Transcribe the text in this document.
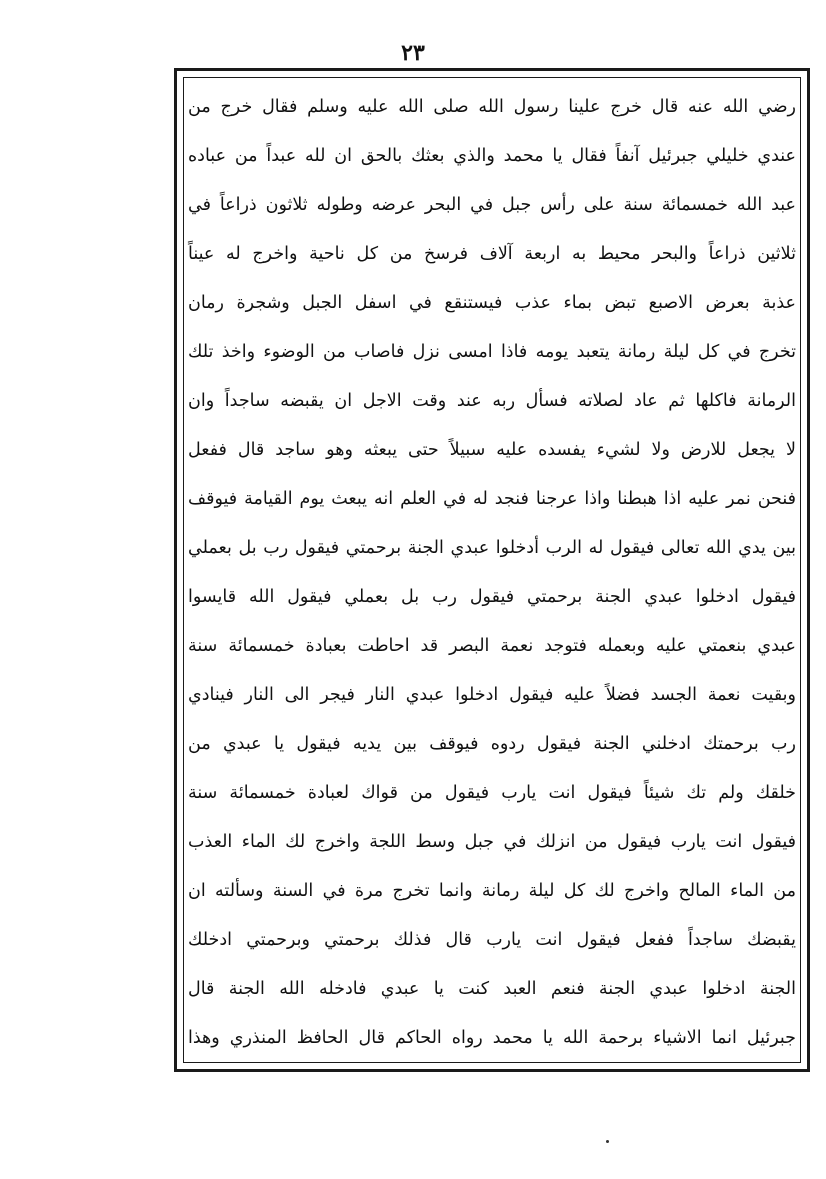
٢٣
رضي الله عنه قال خرج علينا رسول الله صلى الله عليه وسلم فقال خرج من
عندي خليلي جبرئيل آنفاً فقال يا محمد والذي بعثك بالحق ان لله عبداً من عباده
عبد الله خمسمائة سنة على رأس جبل في البحر عرضه وطوله ثلاثون ذراعاً في
ثلاثين ذراعاً والبحر محيط به اربعة آلاف فرسخ من كل ناحية واخرج له عيناً
عذبة بعرض الاصبع تبض بماء عذب فيستنقع في اسفل الجبل وشجرة رمان
تخرج في كل ليلة رمانة يتعبد يومه فاذا امسى نزل فاصاب من الوضوء واخذ تلك
الرمانة فاكلها ثم عاد لصلاته فسأل ربه عند وقت الاجل ان يقبضه ساجداً وان
لا يجعل للارض ولا لشيء يفسده عليه سبيلاً حتى يبعثه وهو ساجد قال ففعل
فنحن نمر عليه اذا هبطنا واذا عرجنا فنجد له في العلم انه يبعث يوم القيامة فيوقف
بين يدي الله تعالى فيقول له الرب أدخلوا عبدي الجنة برحمتي فيقول رب بل بعملي
فيقول ادخلوا عبدي الجنة برحمتي فيقول رب بل بعملي فيقول الله قايسوا
عبدي بنعمتي عليه وبعمله فتوجد نعمة البصر قد احاطت بعبادة خمسمائة سنة
وبقيت نعمة الجسد فضلاً عليه فيقول ادخلوا عبدي النار فيجر الى النار فينادي
رب برحمتك ادخلني الجنة فيقول ردوه فيوقف بين يديه فيقول يا عبدي من
خلقك ولم تك شيئاً فيقول انت يارب فيقول من قواك لعبادة خمسمائة سنة
فيقول انت يارب فيقول من انزلك في جبل وسط اللجة واخرج لك الماء العذب
من الماء المالح واخرج لك كل ليلة رمانة وانما تخرج مرة في السنة وسألته ان
يقبضك ساجداً ففعل فيقول انت يارب قال فذلك برحمتي وبرحمتي ادخلك
الجنة ادخلوا عبدي الجنة فنعم العبد كنت يا عبدي فادخله الله الجنة قال
جبرئيل انما الاشياء برحمة الله يا محمد رواه الحاكم قال الحافظ المنذري وهذا
